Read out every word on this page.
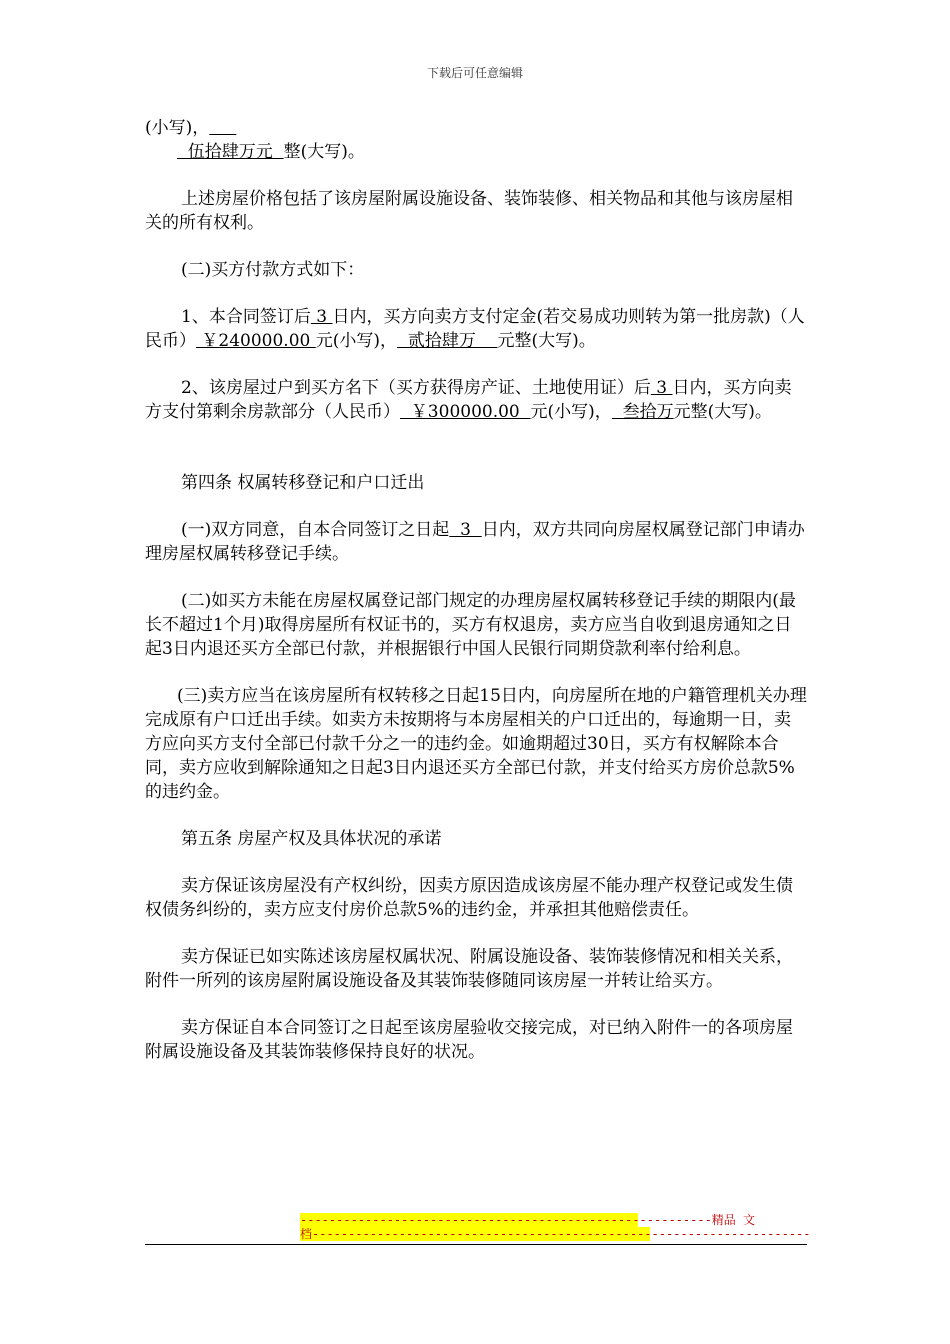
下载后可任意编辑

(小写)，

伍拾肆万元  整(大写)。

上述房屋价格包括了该房屋附属设施设备、装饰装修、相关物品和其他与该房屋相关的所有权利。

(二)买方付款方式如下：

1、本合同签订后 3 日内，买方向卖方支付定金(若交易成功则转为第一批房款)（人民币） ￥240000.00 元(小写)，  贰拾肆万    元整(大写)。

2、该房屋过户到买方名下（买方获得房产证、土地使用证）后 3 日内，买方向卖方支付第剩余房款部分（人民币）  ￥300000.00  元(小写)，  叁拾万元整(大写)。

第四条 权属转移登记和户口迁出

(一)双方同意，自本合同签订之日起  3  日内，双方共同向房屋权属登记部门申请办理房屋权属转移登记手续。

(二)如买方未能在房屋权属登记部门规定的办理房屋权属转移登记手续的期限内(最长不超过1个月)取得房屋所有权证书的，买方有权退房，卖方应当自收到退房通知之日起3日内退还买方全部已付款，并根据银行中国人民银行同期贷款利率付给利息。

(三)卖方应当在该房屋所有权转移之日起15日内，向房屋所在地的户籍管理机关办理完成原有户口迁出手续。如卖方未按期将与本房屋相关的户口迁出的，每逾期一日，卖方应向买方支付全部已付款千分之一的违约金。如逾期超过30日，买方有权解除本合同，卖方应收到解除通知之日起3日内退还买方全部已付款，并支付给买方房价总款5%的违约金。

第五条 房屋产权及具体状况的承诺

卖方保证该房屋没有产权纠纷，因卖方原因造成该房屋不能办理产权登记或发生债权债务纠纷的，卖方应支付房价总款5%的违约金，并承担其他赔偿责任。

卖方保证已如实陈述该房屋权属状况、附属设施设备、装饰装修情况和相关关系，附件一所列的该房屋附属设施设备及其装饰装修随同该房屋一并转让给买方。

卖方保证自本合同签订之日起至该房屋验收交接完成，对已纳入附件一的各项房屋附属设施设备及其装饰装修保持良好的状况。

---------------------------------------------------------精品 文
档---------------------------------------------------------------------
